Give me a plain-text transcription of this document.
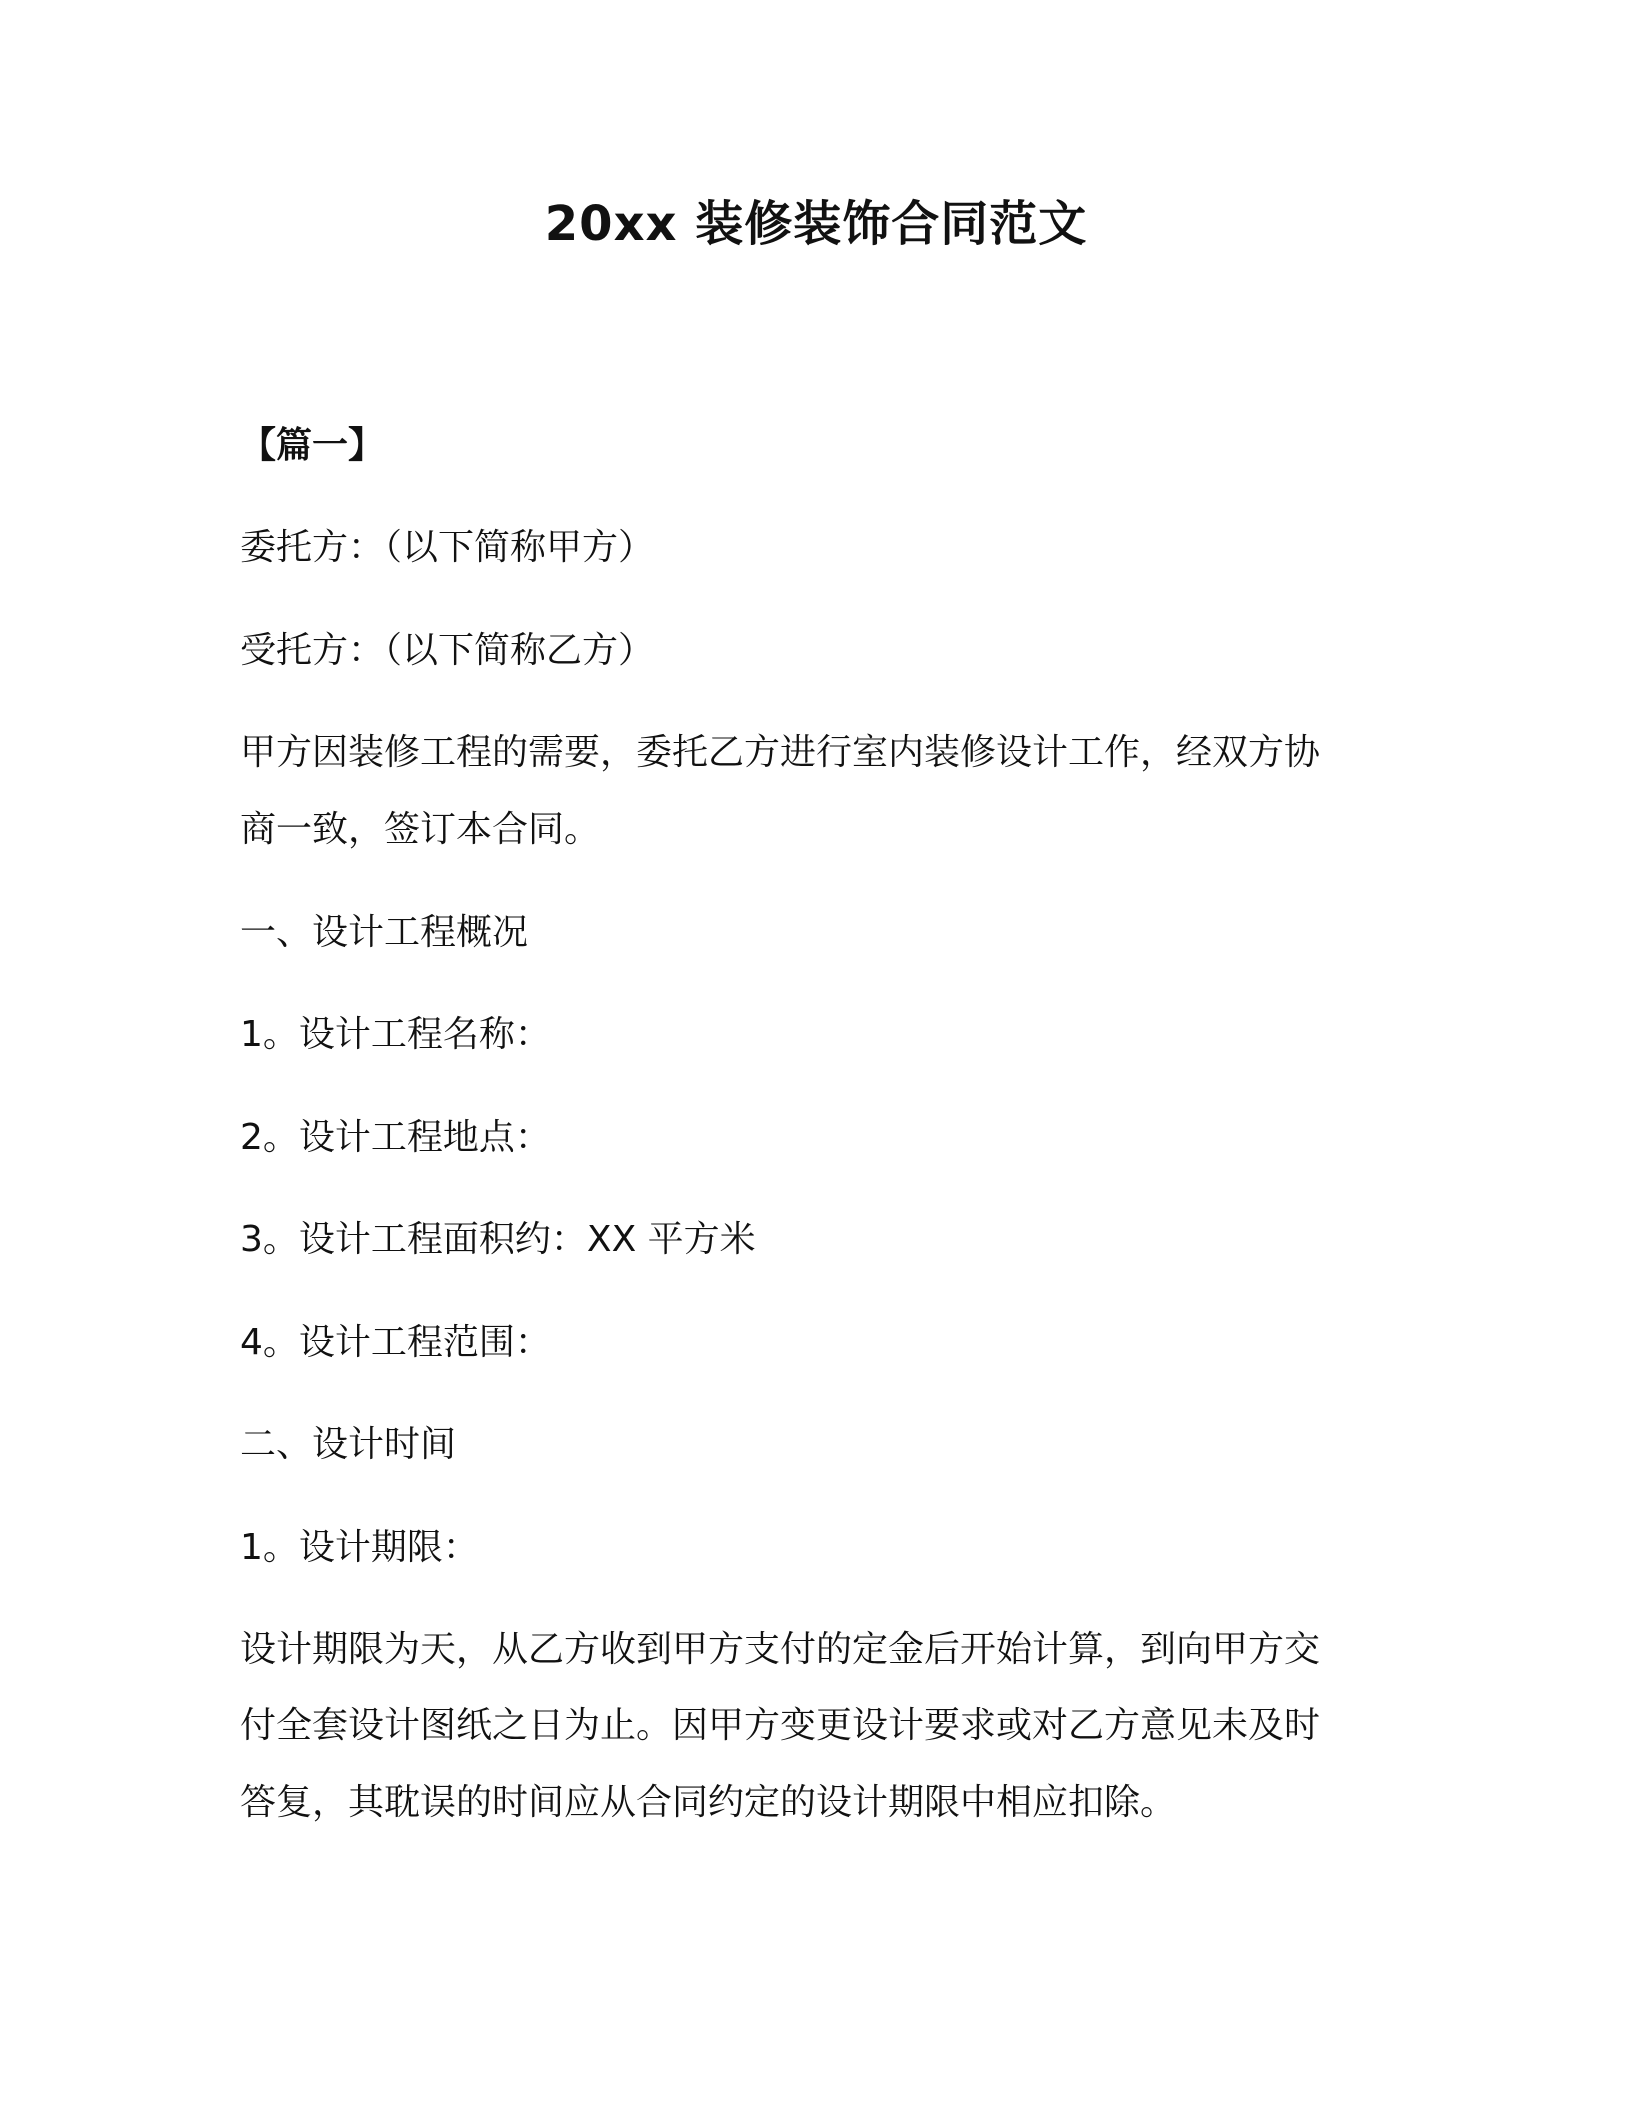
20xx 装修装饰合同范文
【篇一】
委托方：（以下简称甲方）
受托方：（以下简称乙方）
甲方因装修工程的需要，委托乙方进行室内装修设计工作，经双方协
商一致，签订本合同。
一、设计工程概况
1。设计工程名称：
2。设计工程地点：
3。设计工程面积约：XX 平方米
4。设计工程范围：
二、设计时间
1。设计期限：
设计期限为天，从乙方收到甲方支付的定金后开始计算，到向甲方交
付全套设计图纸之日为止。因甲方变更设计要求或对乙方意见未及时
答复，其耽误的时间应从合同约定的设计期限中相应扣除。
